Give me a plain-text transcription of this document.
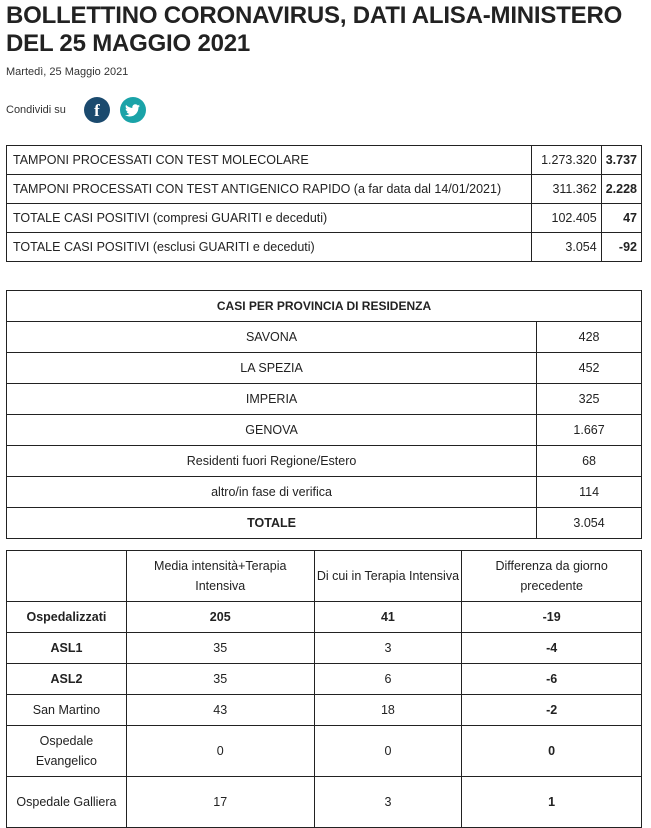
BOLLETTINO CORONAVIRUS, DATI ALISA-MINISTERO DEL 25 MAGGIO 2021
Martedì, 25 Maggio 2021
Condividi su f
TAMPONI PROCESSATI CON TEST MOLECOLARE	1.273.320	3.737
TAMPONI PROCESSATI CON TEST ANTIGENICO RAPIDO (a far data dal 14/01/2021)	311.362	2.228
TOTALE CASI POSITIVI (compresi GUARITI e deceduti)	102.405	47
TOTALE CASI POSITIVI (esclusi GUARITI e deceduti)	3.054	-92
CASI PER PROVINCIA DI RESIDENZA	
SAVONA	428
LA SPEZIA	452
IMPERIA	325
GENOVA	1.667
Residenti fuori Regione/Estero	68
altro/in fase di verifica	114
TOTALE	3.054
	Media intensità+Terapia Intensiva	Di cui in Terapia Intensiva	Differenza da giorno precedente
Ospedalizzati	205	41	-19
ASL1	35	3	-4
ASL2	35	6	-6
San Martino	43	18	-2
Ospedale Evangelico	0	0	0
Ospedale Galliera	17	3	1
